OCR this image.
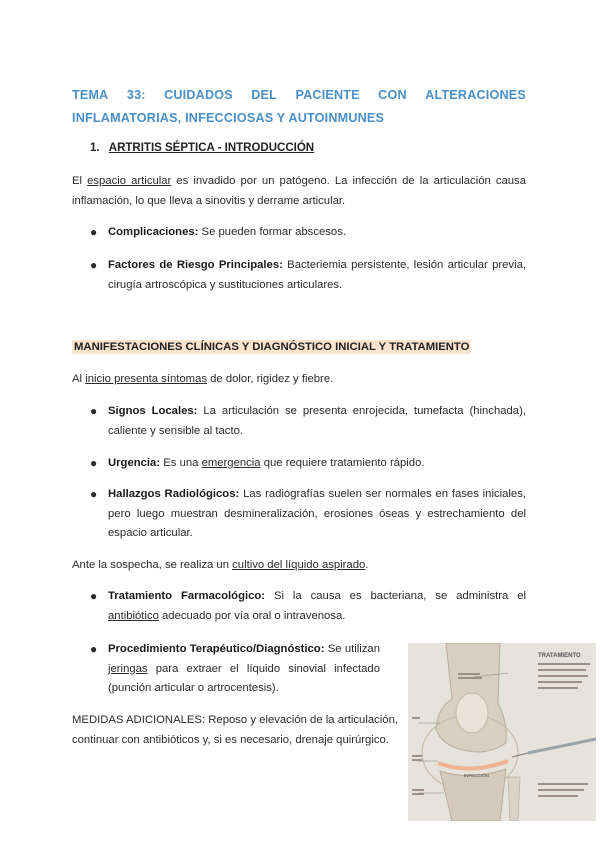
TEMA 33: CUIDADOS DEL PACIENTE CON ALTERACIONES
INFLAMATORIAS, INFECCIOSAS Y AUTOINMUNES
1. ARTRITIS SÉPTICA - INTRODUCCIÓN

El espacio articular es invadido por un patógeno. La infección de la articulación causa inflamación, lo que lleva a sinovitis y derrame articular.

● Complicaciones: Se pueden formar abscesos.
● Factores de Riesgo Principales: Bacteriemia persistente, lesión articular previa, cirugía artroscópica y sustituciones articulares.
MANIFESTACIONES CLÍNICAS Y DIAGNÓSTICO INICIAL Y TRATAMIENTO

Al inicio presenta síntomas de dolor, rigidez y fiebre.

● Signos Locales: La articulación se presenta enrojecida, tumefacta (hinchada), caliente y sensible al tacto.
● Urgencia: Es una emergencia que requiere tratamiento rápido.
● Hallazgos Radiológicos: Las radiografías suelen ser normales en fases iniciales, pero luego muestran desmineralización, erosiones óseas y estrechamiento del espacio articular.

Ante la sospecha, se realiza un cultivo del líquido aspirado.

● Tratamiento Farmacológico: Si la causa es bacteriana, se administra el antibiótico adecuado por vía oral o intravenosa.
● Procedimiento Terapéutico/Diagnóstico: Se utilizan jeringas para extraer el líquido sinovial infectado (punción articular o artrocentesis).

MEDIDAS ADICIONALES: Reposo y elevación de la articulación, continuar con antibióticos y, si es necesario, drenaje quirúrgico.

TRATAMIENTO
INFECCIÓN
